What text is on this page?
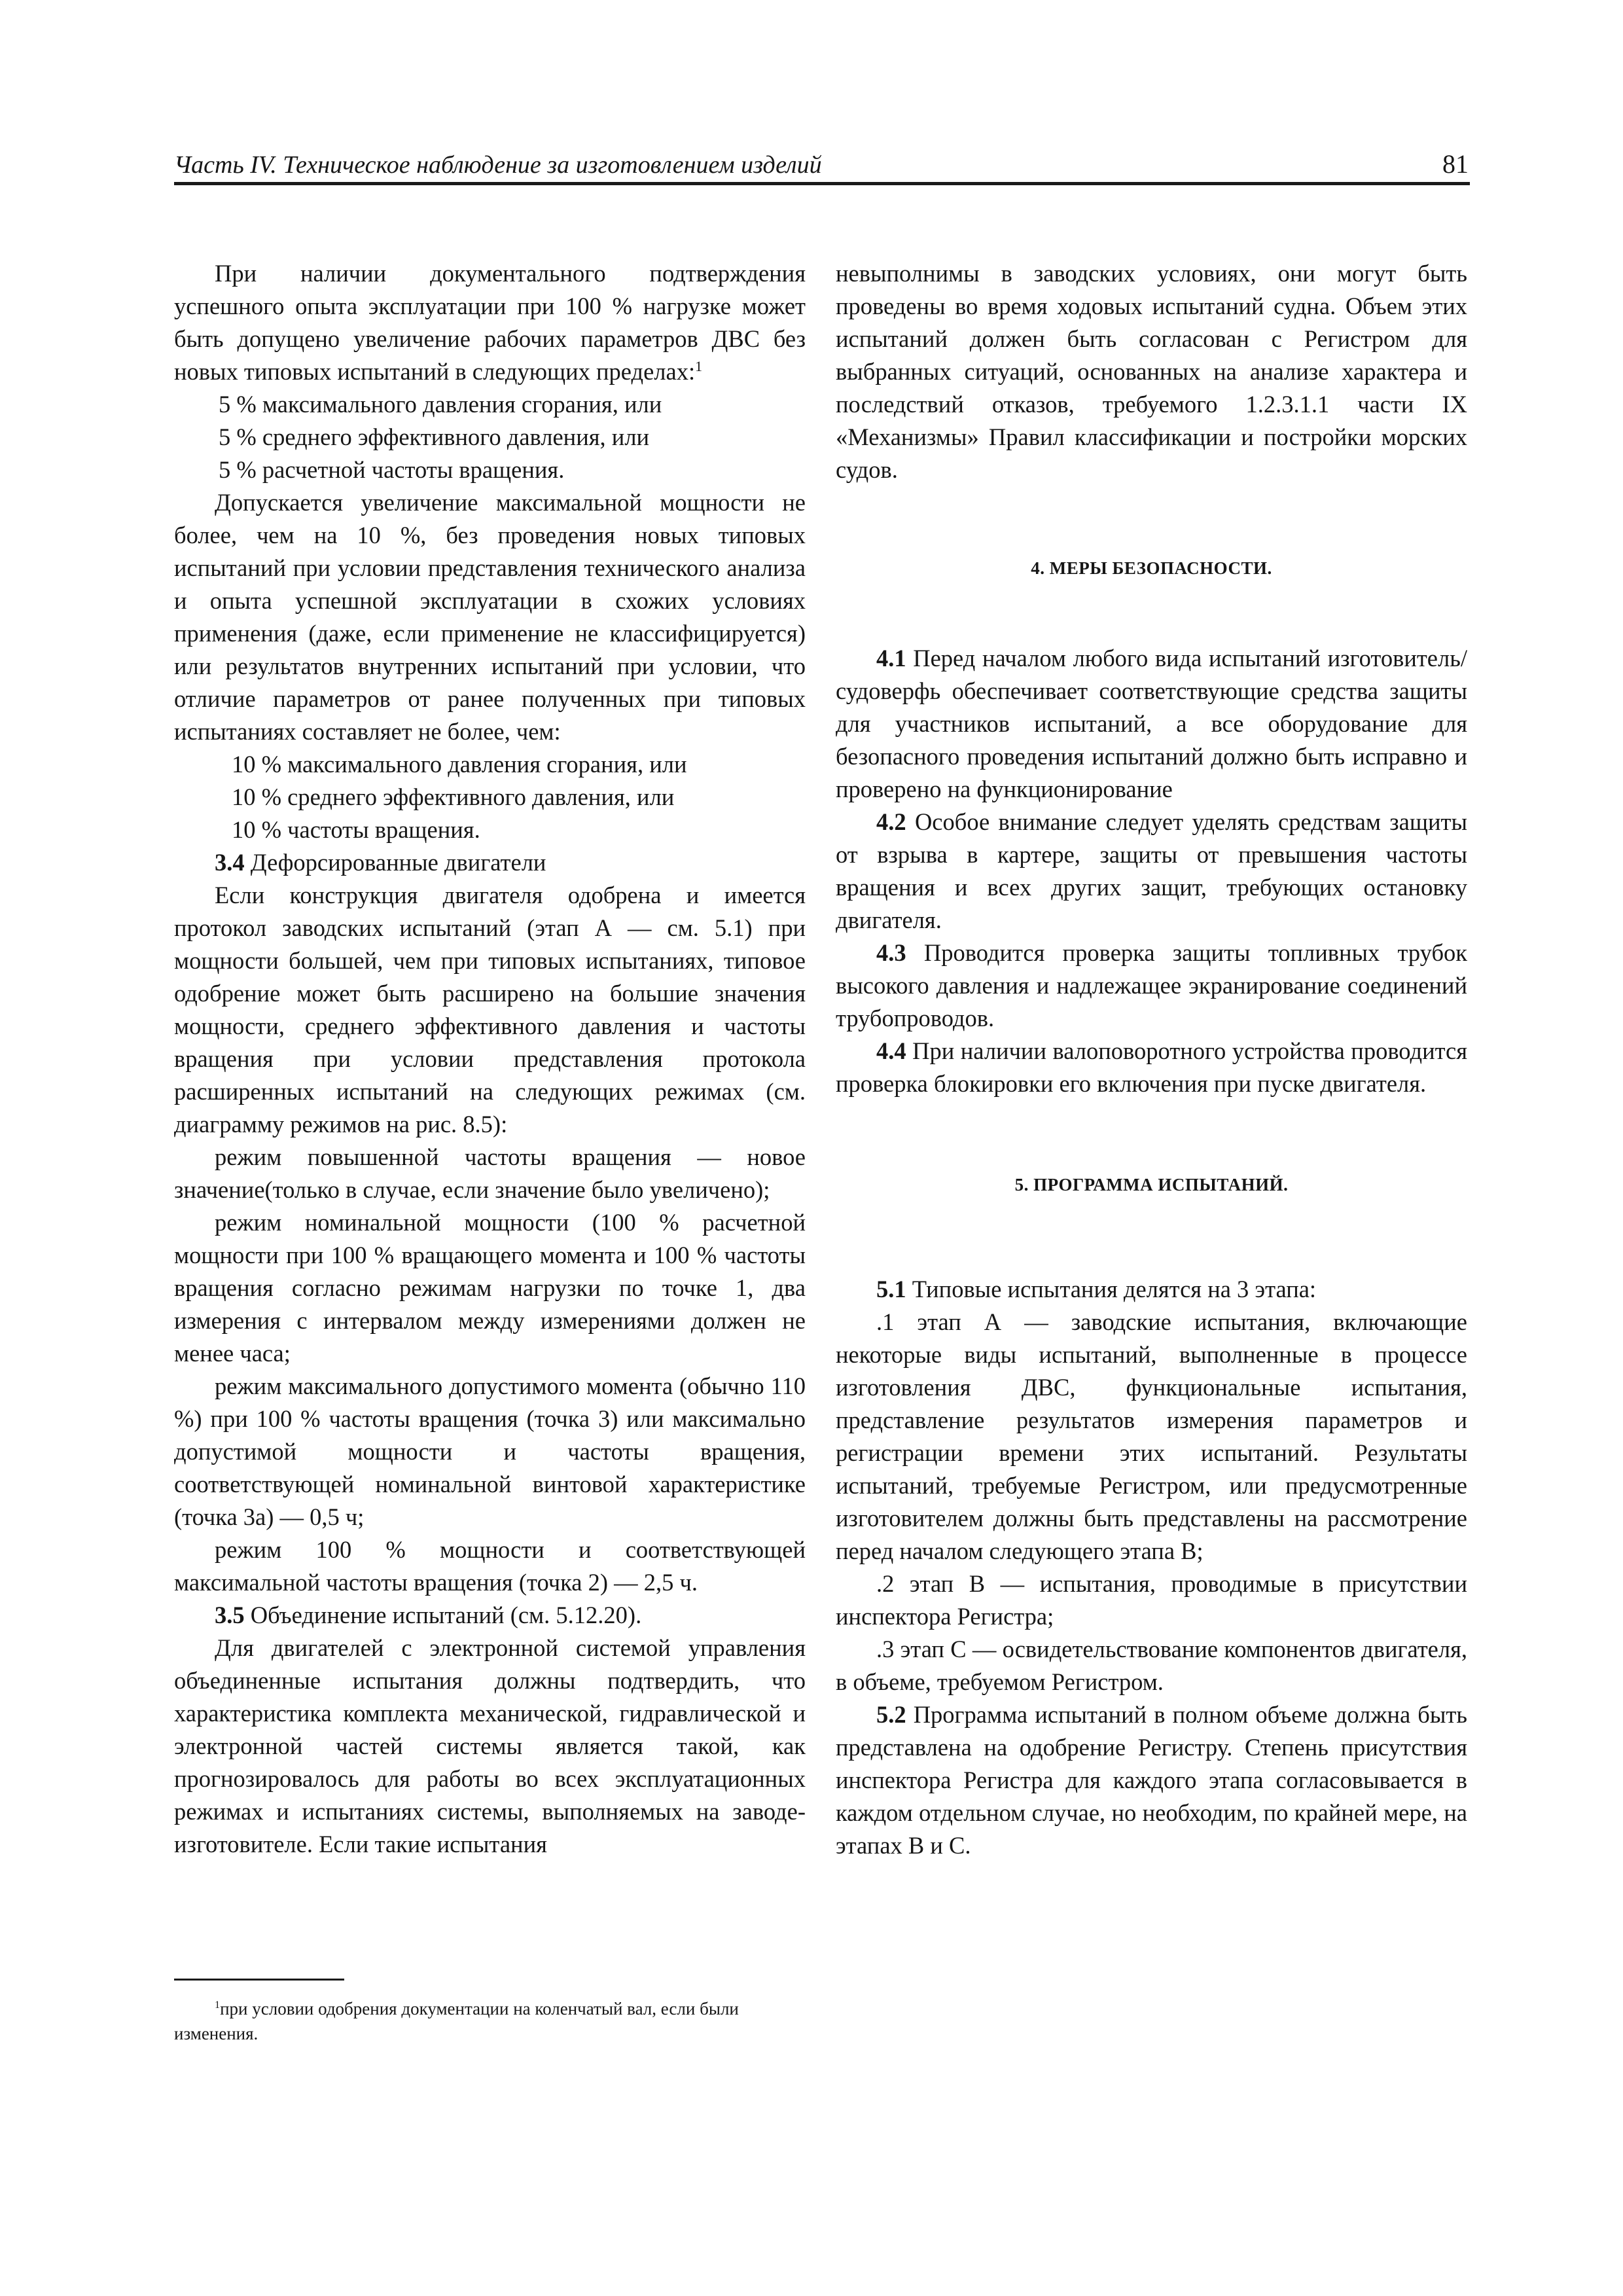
Часть IV. Техническое наблюдение за изготовлением изделий	81

При наличии документального подтверждения успешного опыта эксплуатации при 100 % нагрузке может быть допущено увеличение рабочих параметров ДВС без новых типовых испытаний в следующих пределах:$^1$

5 % максимального давления сгорания, или

5 % среднего эффективного давления, или

5 % расчетной частоты вращения.

Допускается увеличение максимальной мощности не более, чем на 10 %, без проведения новых типовых испытаний при условии представления технического анализа и опыта успешной эксплуатации в схожих условиях применения (даже, если применение не классифицируется) или результатов внутренних испытаний при условии, что отличие параметров от ранее полученных при типовых испытаниях составляет не более, чем:

10 % максимального давления сгорания, или

10 % среднего эффективного давления, или

10 % частоты вращения.

3.4 Дефорсированные двигатели

Если конструкция двигателя одобрена и имеется протокол заводских испытаний (этап А — см. 5.1) при мощности большей, чем при типовых испытаниях, типовое одобрение может быть расширено на большие значения мощности, среднего эффективного давления и частоты вращения при условии представления протокола расширенных испытаний на следующих режимах (см. диаграмму режимов на рис. 8.5):

режим повышенной частоты вращения — новое значение(только в случае, если значение было увеличено);

режим номинальной мощности (100 % расчетной мощности при 100 % вращающего момента и 100 % частоты вращения согласно режимам нагрузки по точке 1, два измерения с интервалом между измерениями должен не менее часа;

режим максимального допустимого момента (обычно 110 %) при 100 % частоты вращения (точка 3) или максимально допустимой мощности и частоты вращения, соответствующей номинальной винтовой характеристике (точка 3а) — 0,5 ч;

режим 100 % мощности и соответствующей максимальной частоты вращения (точка 2) — 2,5 ч.

3.5 Объединение испытаний (см. 5.12.20).

Для двигателей с электронной системой управления объединенные испытания должны подтвердить, что характеристика комплекта механической, гидравлической и электронной частей системы является такой, как прогнозировалось для работы во всех эксплуатационных режимах и испытаниях системы, выполняемых на заводе-изготовителе. Если такие испытания

невыполнимы в заводских условиях, они могут быть проведены во время ходовых испытаний судна. Объем этих испытаний должен быть согласован с Регистром для выбранных ситуаций, основанных на анализе характера и последствий отказов, требуемого 1.2.3.1.1 части IX «Механизмы» Правил классификации и постройки морских судов.

4. МЕРЫ БЕЗОПАСНОСТИ.

4.1 Перед началом любого вида испытаний изготовитель/судоверфь обеспечивает соответствующие средства защиты для участников испытаний, а все оборудование для безопасного проведения испытаний должно быть исправно и проверено на функционирование

4.2 Особое внимание следует уделять средствам защиты от взрыва в картере, защиты от превышения частоты вращения и всех других защит, требующих остановку двигателя.

4.3 Проводится проверка защиты топливных трубок высокого давления и надлежащее экранирование соединений трубопроводов.

4.4 При наличии валоповоротного устройства проводится проверка блокировки его включения при пуске двигателя.

5. ПРОГРАММА ИСПЫТАНИЙ.

5.1 Типовые испытания делятся на 3 этапа:

.1 этап А — заводские испытания, включающие некоторые виды испытаний, выполненные в процессе изготовления ДВС, функциональные испытания, представление результатов измерения параметров и регистрации времени этих испытаний. Результаты испытаний, требуемые Регистром, или предусмотренные изготовителем должны быть представлены на рассмотрение перед началом следующего этапа В;

.2 этап В — испытания, проводимые в присутствии инспектора Регистра;

.3 этап С — освидетельствование компонентов двигателя, в объеме, требуемом Регистром.

5.2 Программа испытаний в полном объеме должна быть представлена на одобрение Регистру. Степень присутствия инспектора Регистра для каждого этапа согласовывается в каждом отдельном случае, но необходим, по крайней мере, на этапах В и С.

$^1$при условии одобрения документации на коленчатый вал, если были изменения.
